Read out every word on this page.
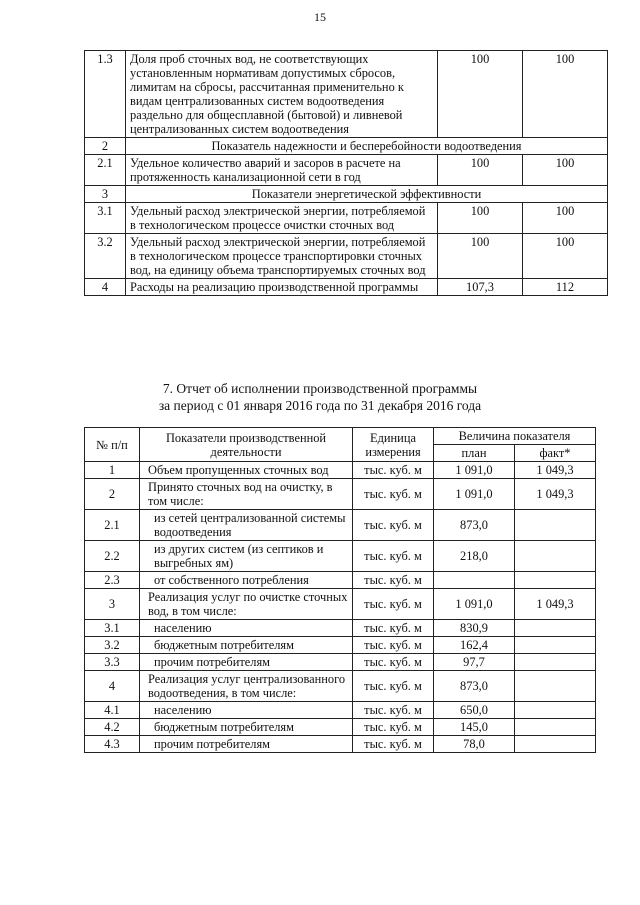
15
1.3	Доля проб сточных вод, не соответствующих установленным нормативам допустимых сбросов, лимитам на сбросы, рассчитанная применительно к видам централизованных систем водоотведения раздельно для общесплавной (бытовой) и ливневой централизованных систем водоотведения	100	100
2	Показатель надежности и бесперебойности водоотведения		
2.1	Удельное количество аварий и засоров в расчете на протяженность канализационной сети в год	100	100
3	Показатели энергетической эффективности		
3.1	Удельный расход электрической энергии, потребляемой в технологическом процессе очистки сточных вод	100	100
3.2	Удельный расход электрической энергии, потребляемой в технологическом процессе транспортировки сточных вод, на единицу объема транспортируемых сточных вод	100	100
4	Расходы на реализацию производственной программы	107,3	112
7. Отчет об исполнении производственной программы
за период с 01 января 2016 года по 31 декабря 2016 года
№ п/п	Показатели производственной деятельности	Единица измерения	Величина показателя	
			план	факт*
1	Объем пропущенных сточных вод	тыс. куб. м	1 091,0	1 049,3
2	Принято сточных вод на очистку, в том числе:	тыс. куб. м	1 091,0	1 049,3
2.1	из сетей централизованной системы водоотведения	тыс. куб. м	873,0	
2.2	из других систем (из септиков и выгребных ям)	тыс. куб. м	218,0	
2.3	от собственного потребления	тыс. куб. м		
3	Реализация услуг по очистке сточных вод, в том числе:	тыс. куб. м	1 091,0	1 049,3
3.1	населению	тыс. куб. м	830,9	
3.2	бюджетным потребителям	тыс. куб. м	162,4	
3.3	прочим потребителям	тыс. куб. м	97,7	
4	Реализация услуг централизованного водоотведения, в том числе:	тыс. куб. м	873,0	
4.1	населению	тыс. куб. м	650,0	
4.2	бюджетным потребителям	тыс. куб. м	145,0	
4.3	прочим потребителям	тыс. куб. м	78,0	
